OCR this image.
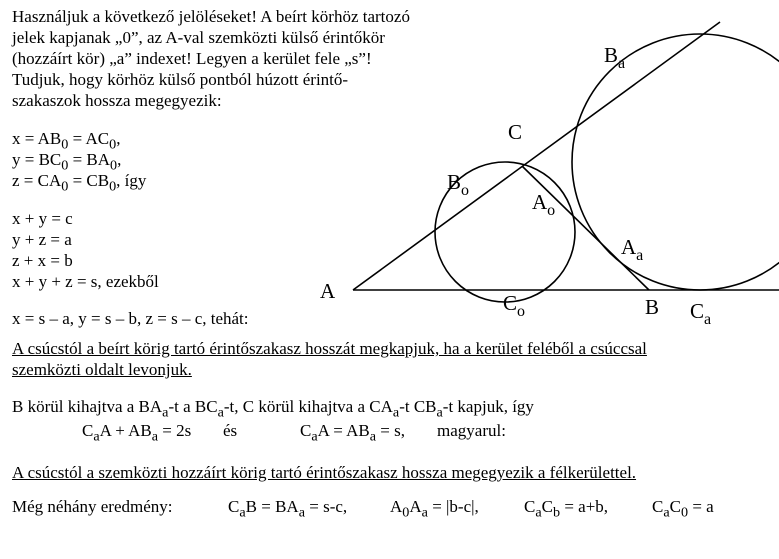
A
C
B
$B_o$	$A_o$
$C_o$
$A_a$
$B_a$
$C_a$
Használjuk a következő jelöléseket! A beírt körhöz tartozó
jelek kapjanak „0”, az A-val szemközti külső érintőkör
(hozzáírt kör) „a” indexet! Legyen a kerület fele „s”!
Tudjuk, hogy körhöz külső pontból húzott érintő-
szakaszok hossza megegyezik:
$x = AB_0 = AC_0$,
$y = BC_0 = BA_0$,
$z = CA_0 = CB_0$, így
x + y = c
y + z = a
z + x = b
x + y + z = s, ezekből
x = s – a, y = s – b, z = s – c, tehát:
A csúcstól a beírt körig tartó érintőszakasz hosszát megkapjuk, ha a kerület feléből a csúccsal
szemközti oldalt levonjuk.
B körül kihajtva a $BA_a-t$ a $BC_a-t$, C körül kihajtva a $CA_a-t$ $CB_a-t$ kapjuk, így
$C_aA + AB_a = 2s$ és	$C_aA = AB_a = s$, magyarul:
A csúcstól a szemközti hozzáírt körig tartó érintőszakasz hossza megegyezik a félkerülettel.
Még néhány eredmény:	$C_aB = BA_a = s-c$,	$A_0A_a = |b-c|$,	$C_aC_b = a+b$,	$C_aC_0 = a$
